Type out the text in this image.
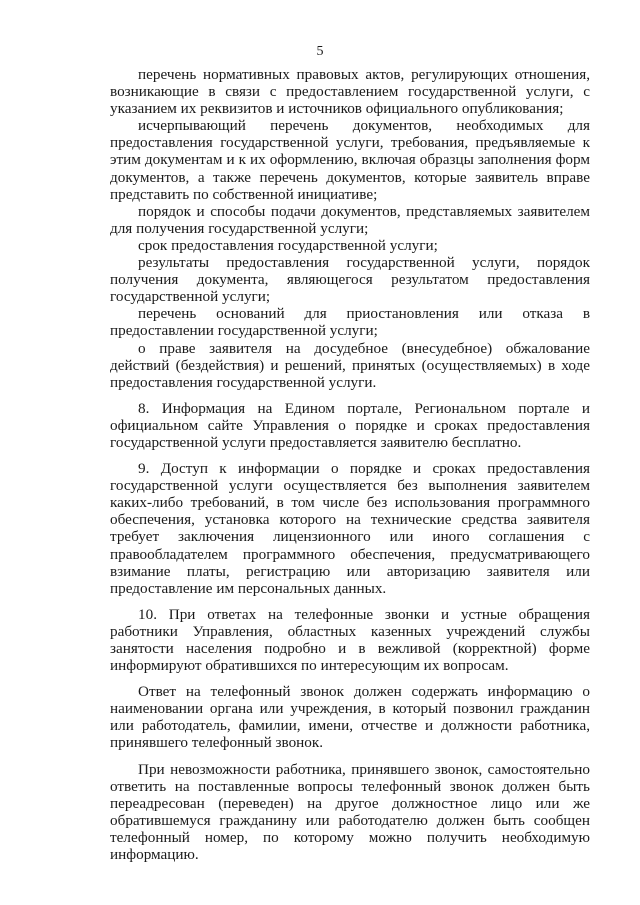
5

перечень нормативных правовых актов, регулирующих отношения, возникающие в связи с предоставлением государственной услуги, с указанием их реквизитов и источников официального опубликования;

исчерпывающий перечень документов, необходимых для предоставления государственной услуги, требования, предъявляемые к этим документам и к их оформлению, включая образцы заполнения форм документов, а также перечень документов, которые заявитель вправе представить по собственной инициативе;

порядок и способы подачи документов, представляемых заявителем для получения государственной услуги;

срок предоставления государственной услуги;

результаты предоставления государственной услуги, порядок получения документа, являющегося результатом предоставления государственной услуги;

перечень оснований для приостановления или отказа в предоставлении государственной услуги;

о праве заявителя на досудебное (внесудебное) обжалование действий (бездействия) и решений, принятых (осуществляемых) в ходе предоставления государственной услуги.

8. Информация на Едином портале, Региональном портале и официальном сайте Управления о порядке и сроках предоставления государственной услуги предоставляется заявителю бесплатно.

9. Доступ к информации о порядке и сроках предоставления государственной услуги осуществляется без выполнения заявителем каких-либо требований, в том числе без использования программного обеспечения, установка которого на технические средства заявителя требует заключения лицензионного или иного соглашения с правообладателем программного обеспечения, предусматривающего взимание платы, регистрацию или авторизацию заявителя или предоставление им персональных данных.

10. При ответах на телефонные звонки и устные обращения работники Управления, областных казенных учреждений службы занятости населения подробно и в вежливой (корректной) форме информируют обратившихся по интересующим их вопросам.

Ответ на телефонный звонок должен содержать информацию о наименовании органа или учреждения, в который позвонил гражданин или работодатель, фамилии, имени, отчестве и должности работника, принявшего телефонный звонок.

При невозможности работника, принявшего звонок, самостоятельно ответить на поставленные вопросы телефонный звонок должен быть переадресован (переведен) на другое должностное лицо или же обратившемуся гражданину или работодателю должен быть сообщен телефонный номер, по которому можно получить необходимую информацию.
